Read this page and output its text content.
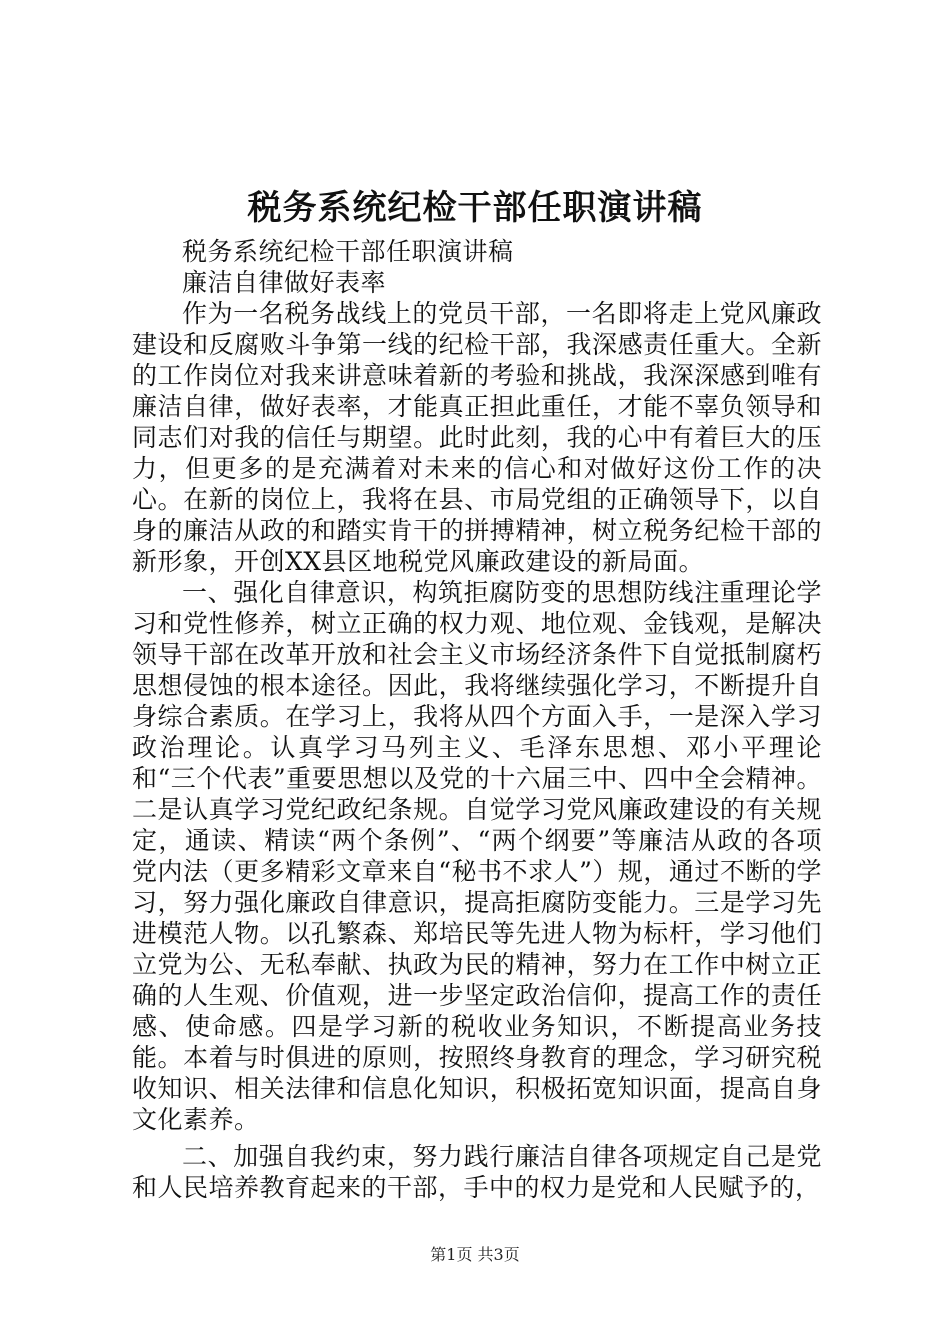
税务系统纪检干部任职演讲稿

税务系统纪检干部任职演讲稿

廉洁自律做好表率

作为一名税务战线上的党员干部，一名即将走上党风廉政建设和反腐败斗争第一线的纪检干部，我深感责任重大。全新的工作岗位对我来讲意味着新的考验和挑战，我深深感到唯有廉洁自律，做好表率，才能真正担此重任，才能不辜负领导和同志们对我的信任与期望。此时此刻，我的心中有着巨大的压力，但更多的是充满着对未来的信心和对做好这份工作的决心。在新的岗位上，我将在县、市局党组的正确领导下，以自身的廉洁从政的和踏实肯干的拼搏精神，树立税务纪检干部的新形象，开创XX县区地税党风廉政建设的新局面。

一、强化自律意识，构筑拒腐防变的思想防线注重理论学习和党性修养，树立正确的权力观、地位观、金钱观，是解决领导干部在改革开放和社会主义市场经济条件下自觉抵制腐朽思想侵蚀的根本途径。因此，我将继续强化学习，不断提升自身综合素质。在学习上，我将从四个方面入手，一是深入学习政治理论。认真学习马列主义、毛泽东思想、邓小平理论和“三个代表”重要思想以及党的十六届三中、四中全会精神。二是认真学习党纪政纪条规。自觉学习党风廉政建设的有关规定，通读、精读“两个条例”、“两个纲要”等廉洁从政的各项党内法（更多精彩文章来自“秘书不求人”）规，通过不断的学习，努力强化廉政自律意识，提高拒腐防变能力。三是学习先进模范人物。以孔繁森、郑培民等先进人物为标杆，学习他们立党为公、无私奉献、执政为民的精神，努力在工作中树立正确的人生观、价值观，进一步坚定政治信仰，提高工作的责任感、使命感。四是学习新的税收业务知识，不断提高业务技能。本着与时俱进的原则，按照终身教育的理念，学习研究税收知识、相关法律和信息化知识，积极拓宽知识面，提高自身文化素养。

二、加强自我约束，努力践行廉洁自律各项规定自己是党和人民培养教育起来的干部，手中的权力是党和人民赋予的，

第1页 共3页
